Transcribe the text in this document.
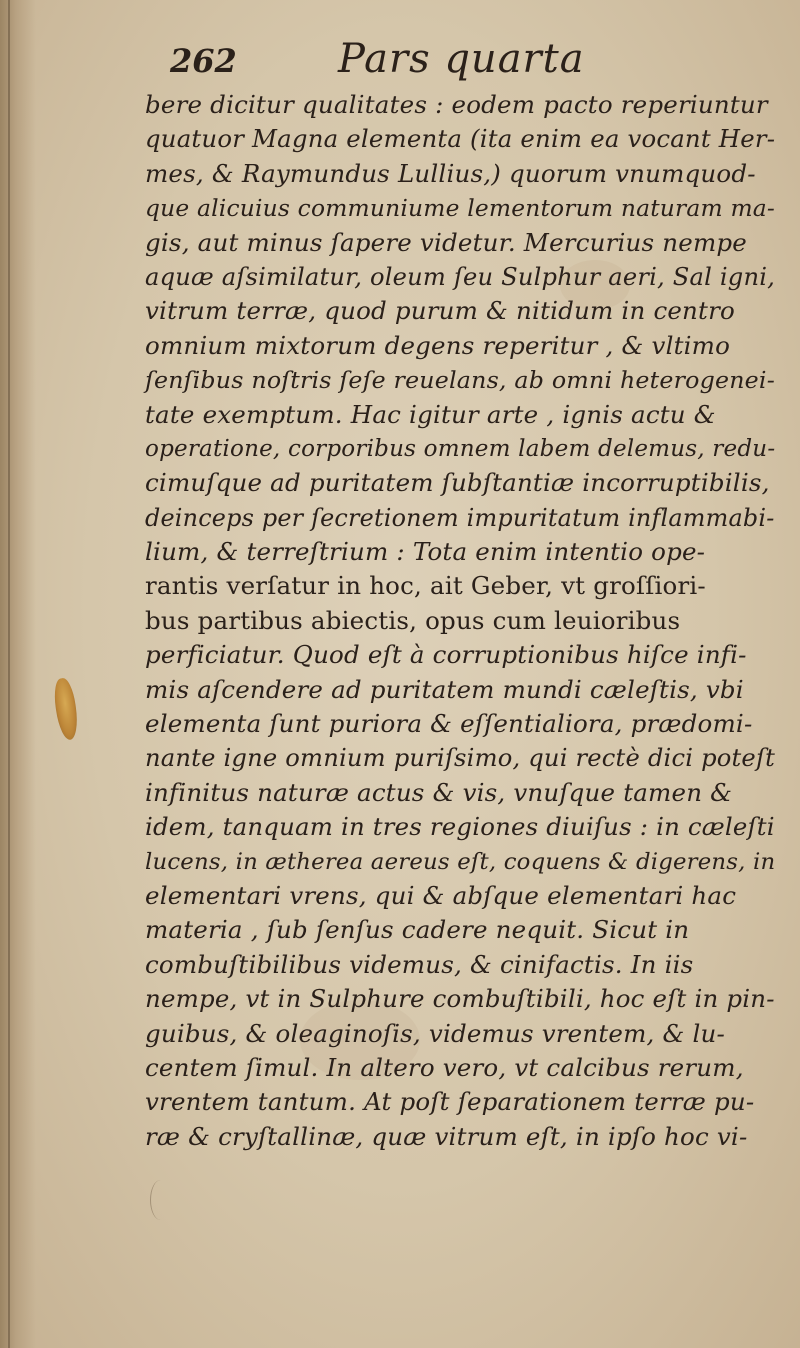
262	Pars quarta
bere dicitur qualitates : eodem pacto reperiuntur
quatuor Magna elementa (ita enim ea vocant Her-
mes, & Raymundus Lullius,) quorum vnumquod-
que alicuius communiume lementorum naturam ma-
gis, aut minus ſapere videtur. Mercurius nempe
aquæ aſsimilatur, oleum ſeu Sulphur aeri, Sal igni,
vitrum terræ, quod purum & nitidum in centro
omnium mixtorum degens reperitur , & vltimo
ſenſibus noſtris ſeſe reuelans, ab omni heterogenei-
tate exemptum. Hac igitur arte , ignis actu &
operatione, corporibus omnem labem delemus, redu-
cimuſque ad puritatem ſubſtantiæ incorruptibilis,
deinceps per ſecretionem impuritatum inflammabi-
lium, & terreſtrium : Tota enim intentio ope-
rantis verſatur in hoc, ait Geber, vt groſſiori-
bus partibus abiectis, opus cum leuioribus
perficiatur. Quod eſt à corruptionibus hiſce infi-
mis aſcendere ad puritatem mundi cæleſtis, vbi
elementa ſunt puriora & eſſentialiora, prædomi-
nante igne omnium puriſsimo, qui rectè dici poteſt
infinitus naturæ actus & vis, vnuſque tamen &
idem, tanquam in tres regiones diuiſus : in cæleſti
lucens, in æthereа aereus eſt, coquens & digerens, in
elementari vrens, qui & abſque elementari hac
materia , ſub ſenſus cadere nequit. Sicut in
combuſtibilibus videmus, & cinifactis. In iis
nempe, vt in Sulphure combuſtibili, hoc eſt in pin-
guibus, & oleaginoſis, videmus vrentem, & lu-
centem ſimul. In altero vero, vt calcibus rerum,
vrentem tantum. At poſt ſeparationem terræ pu-
ræ & cryſtallinæ, quæ vitrum eſt, in ipſo hoc vi-
